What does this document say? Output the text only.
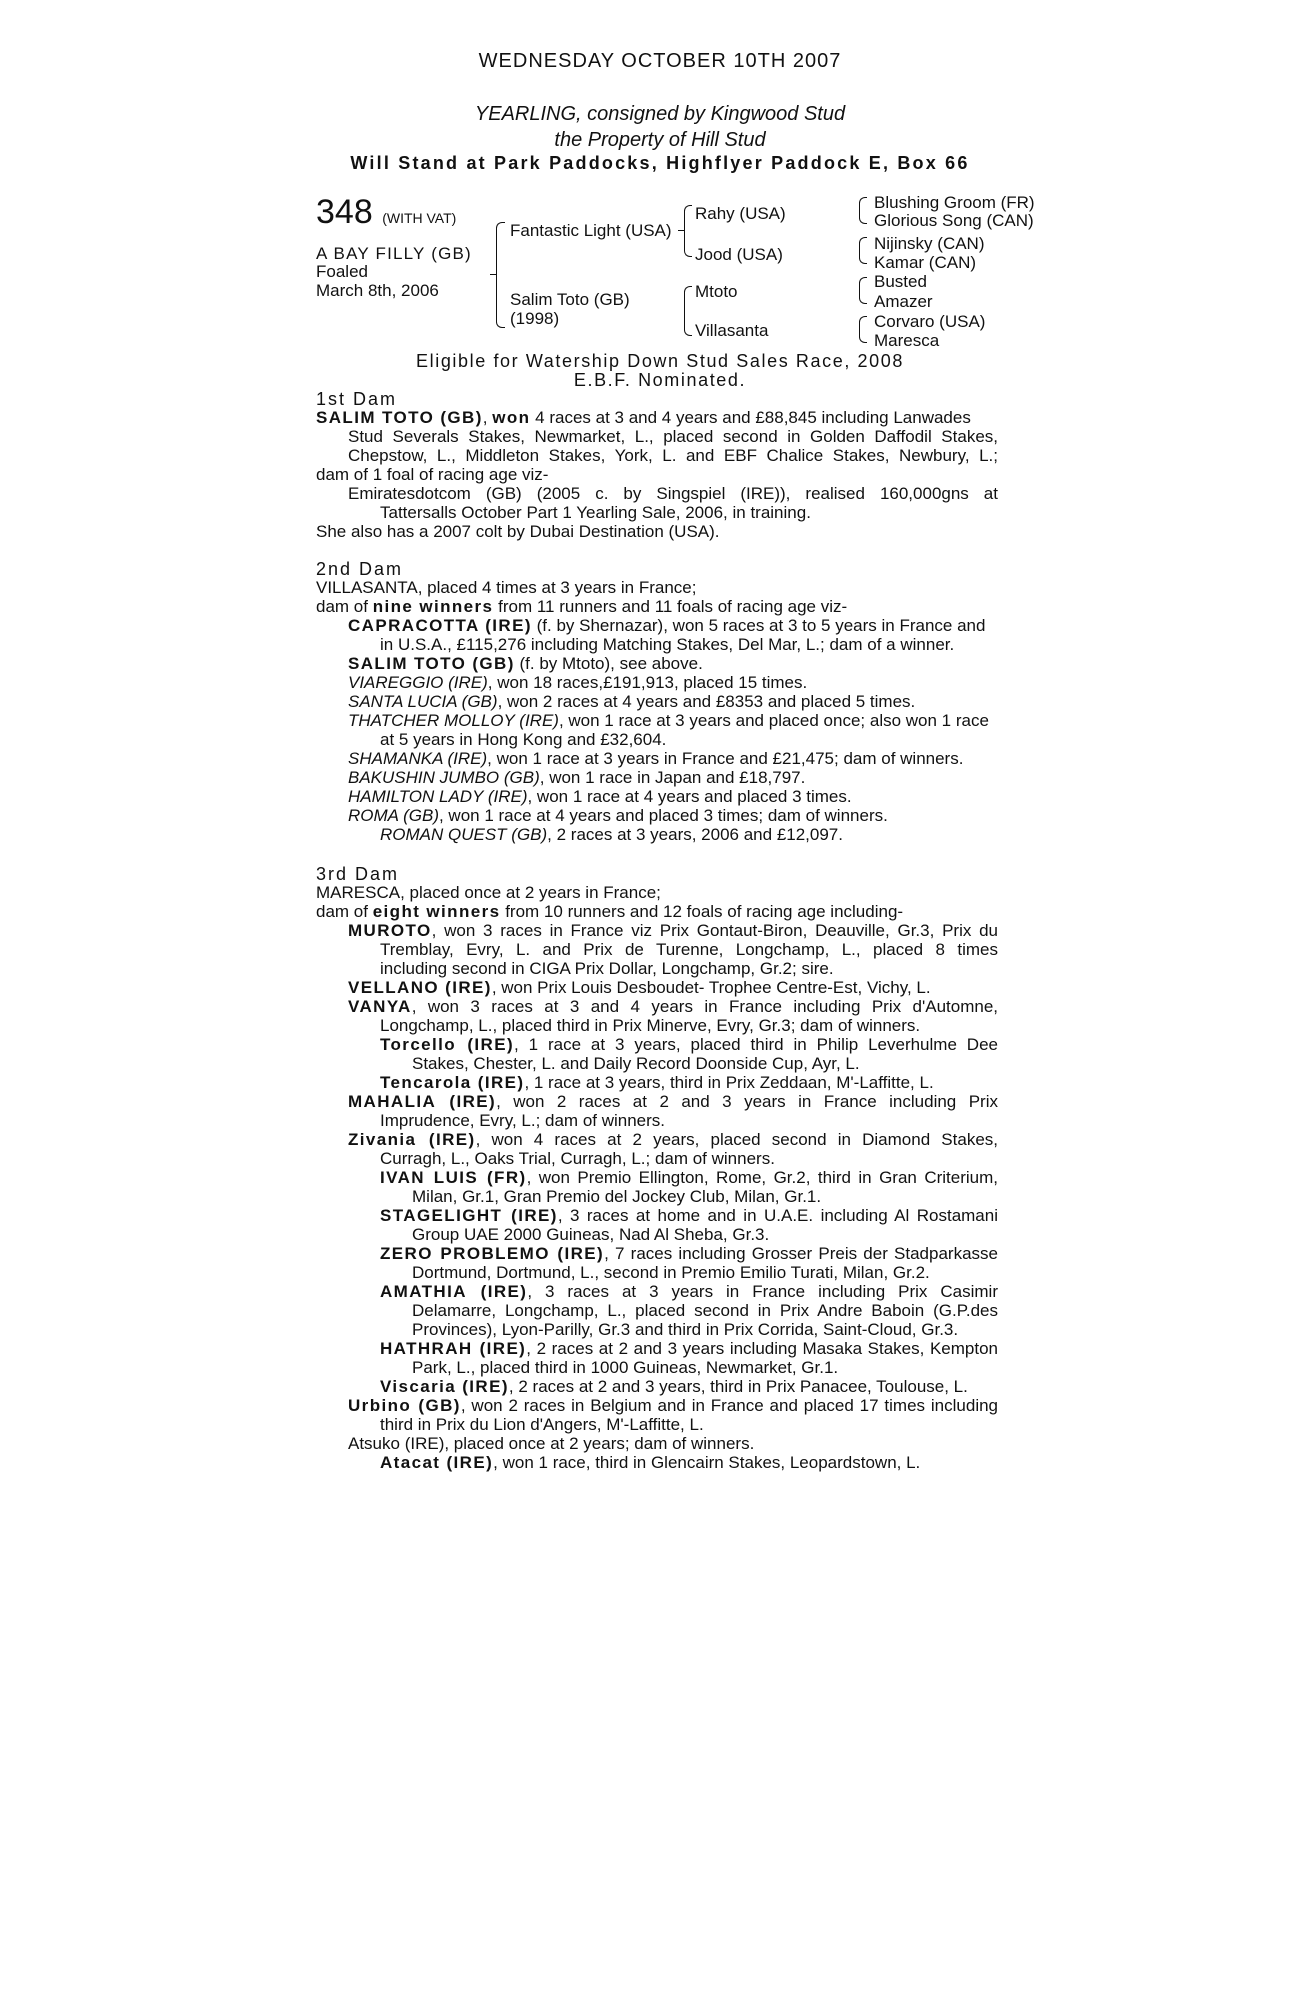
WEDNESDAY OCTOBER 10TH 2007
YEARLING, consigned by Kingwood Stud
the Property of Hill Stud
Will Stand at Park Paddocks, Highflyer Paddock E, Box 66
348 (WITH VAT)
A BAY FILLY (GB)
Foaled
March 8th, 2006
Fantastic Light (USA)
Salim Toto (GB)
(1998)
Rahy (USA)
Jood (USA)
Mtoto
Villasanta
Blushing Groom (FR)
Glorious Song (CAN)
Nijinsky (CAN)
Kamar (CAN)
Busted
Amazer
Corvaro (USA)
Maresca
Eligible for Watership Down Stud Sales Race, 2008
E.B.F. Nominated.
1st Dam
SALIM TOTO (GB), won 4 races at 3 and 4 years and £88,845 including Lanwades
Stud Severals Stakes, Newmarket, L., placed second in Golden Daffodil Stakes,
Chepstow, L., Middleton Stakes, York, L. and EBF Chalice Stakes, Newbury, L.;
dam of 1 foal of racing age viz-
Emiratesdotcom (GB) (2005 c. by Singspiel (IRE)), realised 160,000gns at
Tattersalls October Part 1 Yearling Sale, 2006, in training.
She also has a 2007 colt by Dubai Destination (USA).
2nd Dam
VILLASANTA, placed 4 times at 3 years in France;
dam of nine winners from 11 runners and 11 foals of racing age viz-
CAPRACOTTA (IRE) (f. by Shernazar), won 5 races at 3 to 5 years in France and
in U.S.A., £115,276 including Matching Stakes, Del Mar, L.; dam of a winner.
SALIM TOTO (GB) (f. by Mtoto), see above.
VIAREGGIO (IRE), won 18 races,£191,913, placed 15 times.
SANTA LUCIA (GB), won 2 races at 4 years and £8353 and placed 5 times.
THATCHER MOLLOY (IRE), won 1 race at 3 years and placed once; also won 1 race
at 5 years in Hong Kong and £32,604.
SHAMANKA (IRE), won 1 race at 3 years in France and £21,475; dam of winners.
BAKUSHIN JUMBO (GB), won 1 race in Japan and £18,797.
HAMILTON LADY (IRE), won 1 race at 4 years and placed 3 times.
ROMA (GB), won 1 race at 4 years and placed 3 times; dam of winners.
ROMAN QUEST (GB), 2 races at 3 years, 2006 and £12,097.
3rd Dam
MARESCA, placed once at 2 years in France;
dam of eight winners from 10 runners and 12 foals of racing age including-
MUROTO, won 3 races in France viz Prix Gontaut-Biron, Deauville, Gr.3, Prix du
Tremblay, Evry, L. and Prix de Turenne, Longchamp, L., placed 8 times
including second in CIGA Prix Dollar, Longchamp, Gr.2; sire.
VELLANO (IRE), won Prix Louis Desboudet- Trophee Centre-Est, Vichy, L.
VANYA, won 3 races at 3 and 4 years in France including Prix d'Automne,
Longchamp, L., placed third in Prix Minerve, Evry, Gr.3; dam of winners.
Torcello (IRE), 1 race at 3 years, placed third in Philip Leverhulme Dee
Stakes, Chester, L. and Daily Record Doonside Cup, Ayr, L.
Tencarola (IRE), 1 race at 3 years, third in Prix Zeddaan, M'-Laffitte, L.
MAHALIA (IRE), won 2 races at 2 and 3 years in France including Prix
Imprudence, Evry, L.; dam of winners.
Zivania (IRE), won 4 races at 2 years, placed second in Diamond Stakes,
Curragh, L., Oaks Trial, Curragh, L.; dam of winners.
IVAN LUIS (FR), won Premio Ellington, Rome, Gr.2, third in Gran Criterium,
Milan, Gr.1, Gran Premio del Jockey Club, Milan, Gr.1.
STAGELIGHT (IRE), 3 races at home and in U.A.E. including Al Rostamani
Group UAE 2000 Guineas, Nad Al Sheba, Gr.3.
ZERO PROBLEMO (IRE), 7 races including Grosser Preis der Stadparkasse
Dortmund, Dortmund, L., second in Premio Emilio Turati, Milan, Gr.2.
AMATHIA (IRE), 3 races at 3 years in France including Prix Casimir
Delamarre, Longchamp, L., placed second in Prix Andre Baboin (G.P.des
Provinces), Lyon-Parilly, Gr.3 and third in Prix Corrida, Saint-Cloud, Gr.3.
HATHRAH (IRE), 2 races at 2 and 3 years including Masaka Stakes, Kempton
Park, L., placed third in 1000 Guineas, Newmarket, Gr.1.
Viscaria (IRE), 2 races at 2 and 3 years, third in Prix Panacee, Toulouse, L.
Urbino (GB), won 2 races in Belgium and in France and placed 17 times including
third in Prix du Lion d'Angers, M'-Laffitte, L.
Atsuko (IRE), placed once at 2 years; dam of winners.
Atacat (IRE), won 1 race, third in Glencairn Stakes, Leopardstown, L.
